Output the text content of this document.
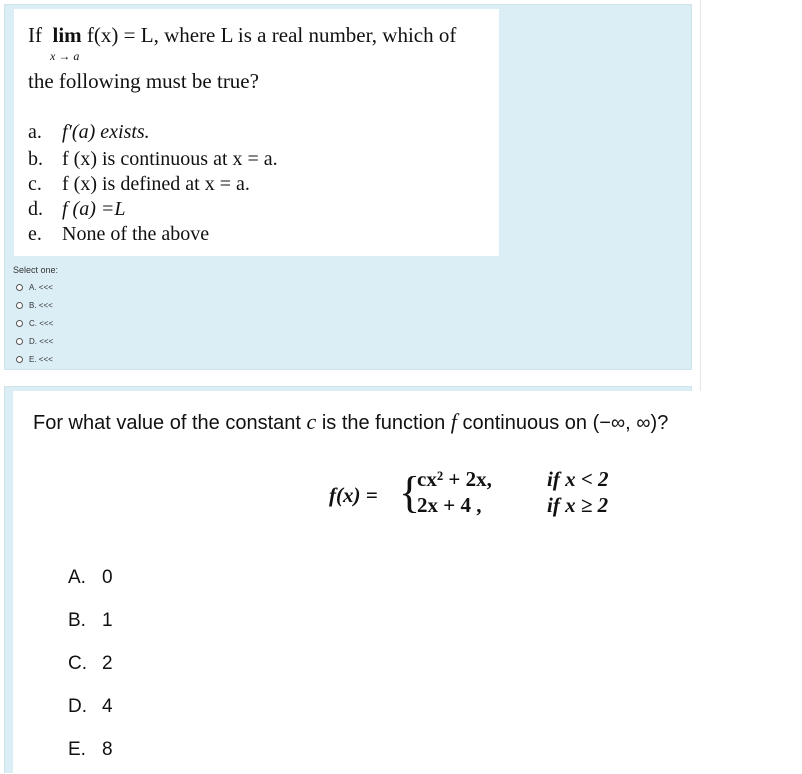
If lim f(x) = L, where L is a real number, which of
x → a
the following must be true?
a. f′(a) exists.
b. f (x) is continuous at x = a.
c. f (x) is defined at x = a.
d. f (a) =L
e. None of the above
Select one:
A. <<<
B. <<<
C. <<<
D. <<<
E. <<<
For what value of the constant c is the function f continuous on (−∞, ∞)?
f(x) = {
cx² + 2x,	if x < 2
2x + 4 ,	if x ≥ 2
A. 0
B. 1
C. 2
D. 4
E. 8
